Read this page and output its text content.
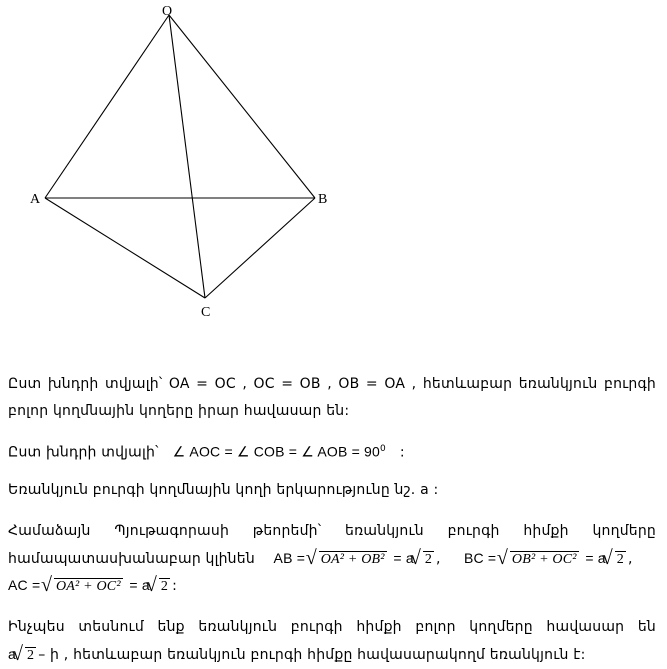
O
A	B
C
Ըստ խնդրի տվյալի՝ OA = OC , OC = OB , OB = OA , հետևաբար եռանկյուն բուրգի
բոլոր կողմնային կողերը իրար հավասար են:
Ըստ խնդրի տվյալի՝ ∠ AOC = ∠ COB = ∠ AOB = $90^0$ :
Եռանկյուն բուրգի կողմնային կողի երկարությունը նշ. a :
Համաձայն Պյութագորասի թեորեմի՝ եռանկյուն բուրգի հիմքի կողմերը
համապատասխանաբար կլինեն AB = √ OA² + OB² = a √ 2 , BC = √ OB² + OC² = a √ 2 ,
AC = √ OA² + OC² = a √ 2 :
Ինչպես տեսնում ենք եռանկյուն բուրգի հիմքի բոլոր կողմերը հավասար են
a √ 2 – ի , հետևաբար եռանկյուն բուրգի հիմքը հավասարակողմ եռանկյուն է:
